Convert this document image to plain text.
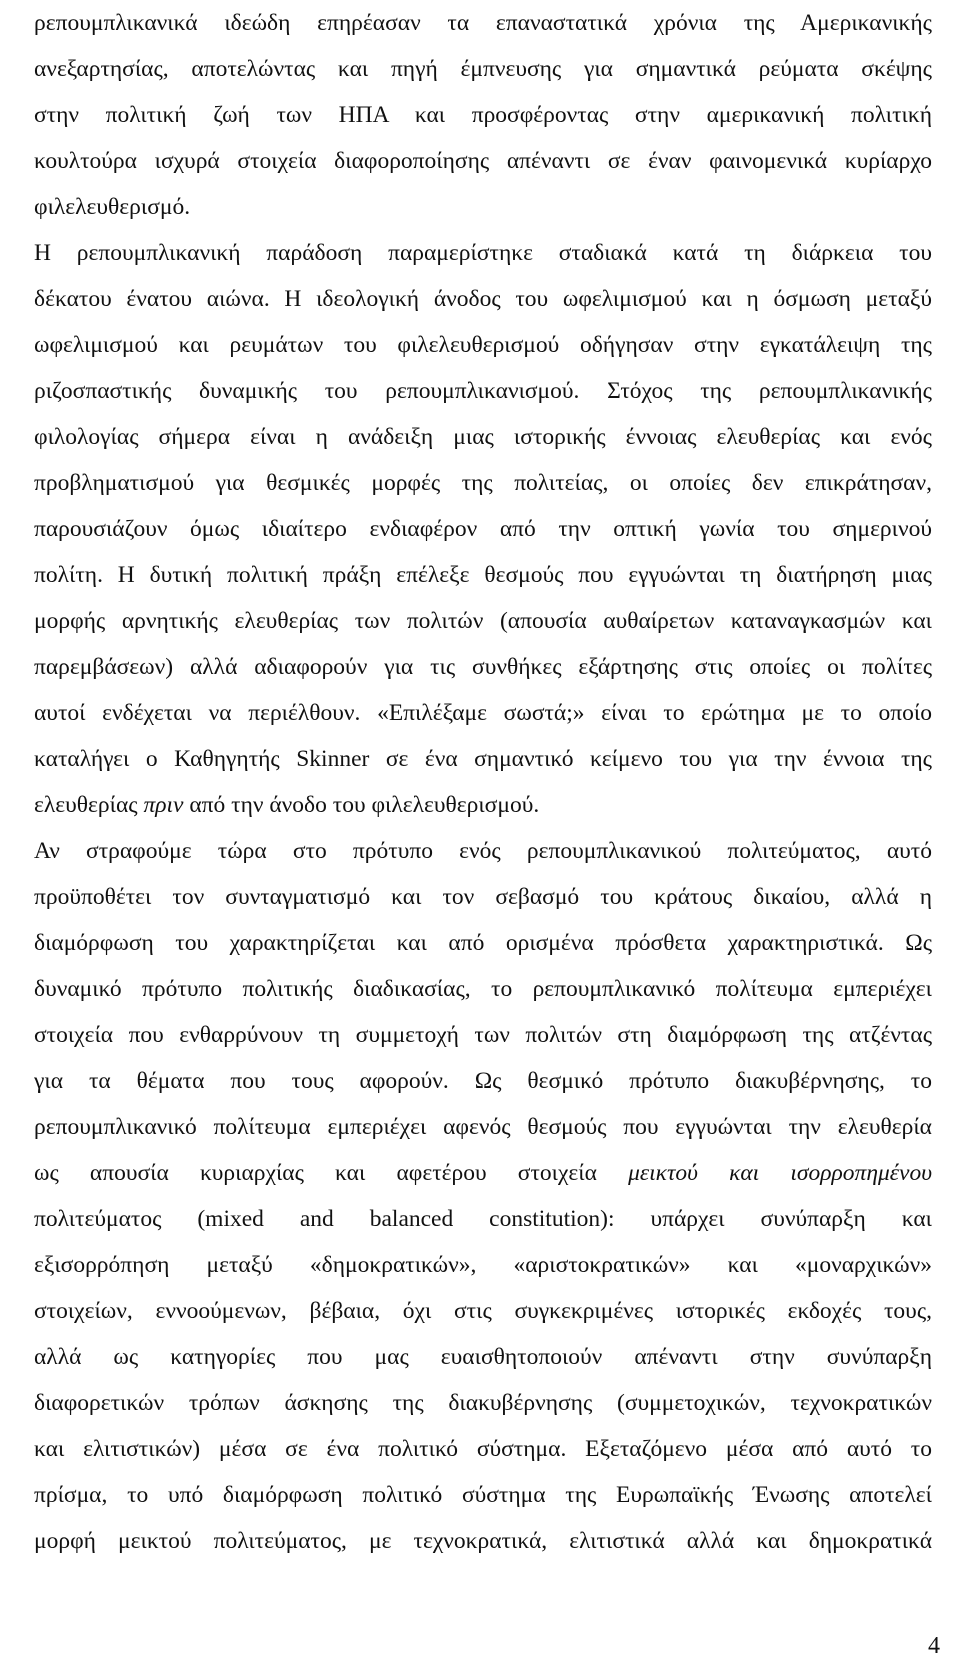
ρεπουμπλικανικά ιδεώδη επηρέασαν τα επαναστατικά χρόνια της Αμερικανικής
ανεξαρτησίας, αποτελώντας και πηγή έμπνευσης για σημαντικά ρεύματα σκέψης
στην πολιτική ζωή των ΗΠΑ και προσφέροντας στην αμερικανική πολιτική
κουλτούρα ισχυρά στοιχεία διαφοροποίησης απέναντι σε έναν φαινομενικά κυρίαρχο
φιλελευθερισμό.
Η ρεπουμπλικανική παράδοση παραμερίστηκε σταδιακά κατά τη διάρκεια του
δέκατου ένατου αιώνα. Η ιδεολογική άνοδος του ωφελιμισμού και η όσμωση μεταξύ
ωφελιμισμού και ρευμάτων του φιλελευθερισμού οδήγησαν στην εγκατάλειψη της
ριζοσπαστικής δυναμικής του ρεπουμπλικανισμού. Στόχος της ρεπουμπλικανικής
φιλολογίας σήμερα είναι η ανάδειξη μιας ιστορικής έννοιας ελευθερίας και ενός
προβληματισμού για θεσμικές μορφές της πολιτείας, οι οποίες δεν επικράτησαν,
παρουσιάζουν όμως ιδιαίτερο ενδιαφέρον από την οπτική γωνία του σημερινού
πολίτη. Η δυτική πολιτική πράξη επέλεξε θεσμούς που εγγυώνται τη διατήρηση μιας
μορφής αρνητικής ελευθερίας των πολιτών (απουσία αυθαίρετων καταναγκασμών και
παρεμβάσεων) αλλά αδιαφορούν για τις συνθήκες εξάρτησης στις οποίες οι πολίτες
αυτοί ενδέχεται να περιέλθουν. «Επιλέξαμε σωστά;» είναι το ερώτημα με το οποίο
καταλήγει ο Καθηγητής Skinner σε ένα σημαντικό κείμενο του για την έννοια της
ελευθερίας πριν από την άνοδο του φιλελευθερισμού.
Αν στραφούμε τώρα στο πρότυπο ενός ρεπουμπλικανικού πολιτεύματος, αυτό
προϋποθέτει τον συνταγματισμό και τον σεβασμό του κράτους δικαίου, αλλά η
διαμόρφωση του χαρακτηρίζεται και από ορισμένα πρόσθετα χαρακτηριστικά. Ως
δυναμικό πρότυπο πολιτικής διαδικασίας, το ρεπουμπλικανικό πολίτευμα εμπεριέχει
στοιχεία που ενθαρρύνουν τη συμμετοχή των πολιτών στη διαμόρφωση της ατζέντας
για τα θέματα που τους αφορούν. Ως θεσμικό πρότυπο διακυβέρνησης, το
ρεπουμπλικανικό πολίτευμα εμπεριέχει αφενός θεσμούς που εγγυώνται την ελευθερία
ως απουσία κυριαρχίας και αφετέρου στοιχεία μεικτού και ισορροπημένου
πολιτεύματος (mixed and balanced constitution): υπάρχει συνύπαρξη και
εξισορρόπηση μεταξύ «δημοκρατικών», «αριστοκρατικών» και «μοναρχικών»
στοιχείων, εννοούμενων, βέβαια, όχι στις συγκεκριμένες ιστορικές εκδοχές τους,
αλλά ως κατηγορίες που μας ευαισθητοποιούν απέναντι στην συνύπαρξη
διαφορετικών τρόπων άσκησης της διακυβέρνησης (συμμετοχικών, τεχνοκρατικών
και ελιτιστικών) μέσα σε ένα πολιτικό σύστημα. Εξεταζόμενο μέσα από αυτό το
πρίσμα, το υπό διαμόρφωση πολιτικό σύστημα της Ευρωπαϊκής Ένωσης αποτελεί
μορφή μεικτού πολιτεύματος, με τεχνοκρατικά, ελιτιστικά αλλά και δημοκρατικά
4
